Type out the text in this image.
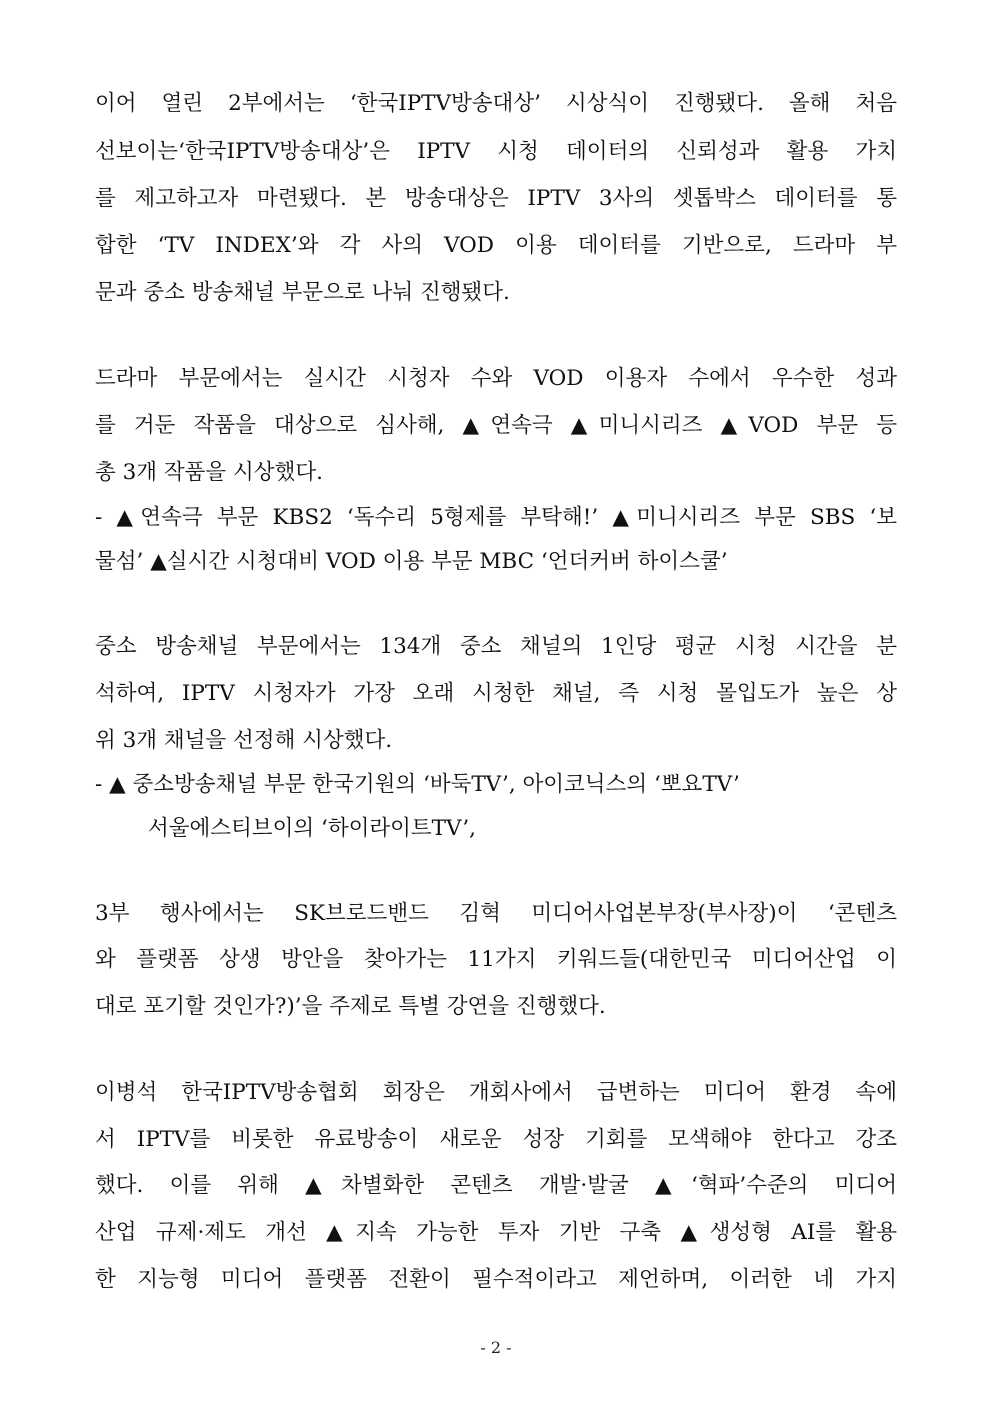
이어 열린 2부에서는 ‘한국IPTV방송대상’ 시상식이 진행됐다. 올해 처음
선보이는‘한국IPTV방송대상’은 IPTV 시청 데이터의 신뢰성과 활용 가치
를 제고하고자 마련됐다. 본 방송대상은 IPTV 3사의 셋톱박스 데이터를 통
합한 ‘TV INDEX’와 각 사의 VOD 이용 데이터를 기반으로, 드라마 부
문과 중소 방송채널 부문으로 나눠 진행됐다.
드라마 부문에서는 실시간 시청자 수와 VOD 이용자 수에서 우수한 성과
를 거둔 작품을 대상으로 심사해, ▲연속극 ▲미니시리즈 ▲VOD 부문 등
총 3개 작품을 시상했다.
- ▲연속극 부문 KBS2 ‘독수리 5형제를 부탁해!’ ▲미니시리즈 부문 SBS ‘보
물섬’ ▲실시간 시청대비 VOD 이용 부문 MBC ‘언더커버 하이스쿨’
중소 방송채널 부문에서는 134개 중소 채널의 1인당 평균 시청 시간을 분
석하여, IPTV 시청자가 가장 오래 시청한 채널, 즉 시청 몰입도가 높은 상
위 3개 채널을 선정해 시상했다.
- ▲ 중소방송채널 부문 한국기원의 ‘바둑TV’, 아이코닉스의 ‘뽀요TV’
서울에스티브이의 ‘하이라이트TV’,
3부 행사에서는 SK브로드밴드 김혁 미디어사업본부장(부사장)이 ‘콘텐츠
와 플랫폼 상생 방안을 찾아가는 11가지 키워드들(대한민국 미디어산업 이
대로 포기할 것인가?)’을 주제로 특별 강연을 진행했다.
이병석 한국IPTV방송협회 회장은 개회사에서 급변하는 미디어 환경 속에
서 IPTV를 비롯한 유료방송이 새로운 성장 기회를 모색해야 한다고 강조
했다. 이를 위해 ▲차별화한 콘텐츠 개발·발굴 ▲‘혁파’수준의 미디어
산업 규제·제도 개선 ▲지속 가능한 투자 기반 구축 ▲생성형 AI를 활용
한 지능형 미디어 플랫폼 전환이 필수적이라고 제언하며, 이러한 네 가지
- 2 -
